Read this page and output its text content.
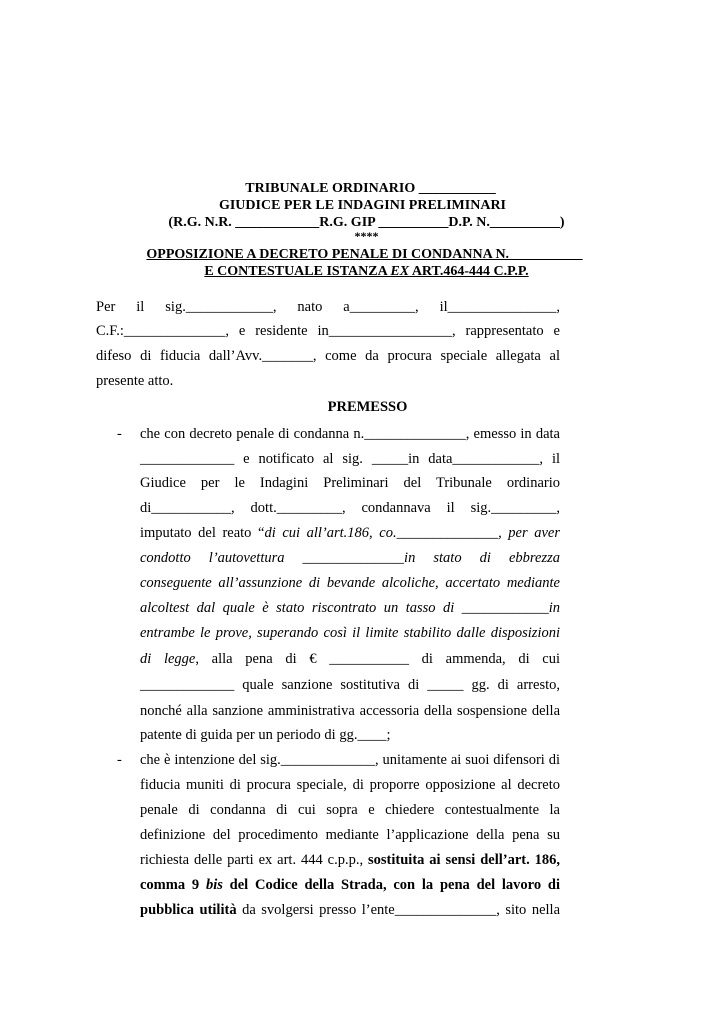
TRIBUNALE ORDINARIO ___________
GIUDICE PER LE INDAGINI PRELIMINARI
(R.G. N.R. ____________R.G. GIP __________D.P. N.__________)
****
OPPOSIZIONE A DECRETO PENALE DI CONDANNA N. __________
E CONTESTUALE ISTANZA EX ART.464-444 C.P.P.
Per il sig.____________, nato a_________, il_______________,
C.F.:______________, e residente in_________________, rappresentato e
difeso di fiducia dall’Avv._______, come da procura speciale allegata al
presente atto.
PREMESSO
- che con decreto penale di condanna n.______________, emesso in data
_____________ e notificato al sig. _____in data____________, il
Giudice per le Indagini Preliminari del Tribunale ordinario
di___________, dott._________, condannava il sig._________,
imputato del reato “di cui all’art.186, co.______________, per aver
condotto l’autovettura ______________in stato di ebbrezza
conseguente all’assunzione di bevande alcoliche, accertato mediante
alcoltest dal quale è stato riscontrato un tasso di ____________in
entrambe le prove, superando così il limite stabilito dalle disposizioni
di legge, alla pena di € ___________ di ammenda, di cui
_____________ quale sanzione sostitutiva di _____ gg. di arresto,
nonché alla sanzione amministrativa accessoria della sospensione della
patente di guida per un periodo di gg.____;
- che è intenzione del sig._____________, unitamente ai suoi difensori di
fiducia muniti di procura speciale, di proporre opposizione al decreto
penale di condanna di cui sopra e chiedere contestualmente la
definizione del procedimento mediante l’applicazione della pena su
richiesta delle parti ex art. 444 c.p.p., sostituita ai sensi dell’art. 186,
comma 9 bis del Codice della Strada, con la pena del lavoro di
pubblica utilità da svolgersi presso l’ente______________, sito nella
